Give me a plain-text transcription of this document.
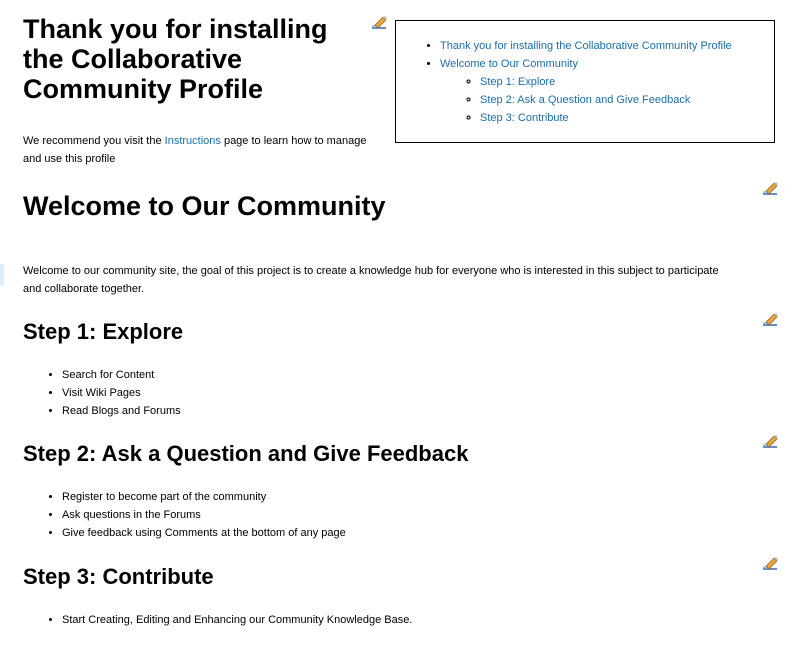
Thank you for installing the Collaborative Community Profile

We recommend you visit the Instructions page to learn how to manage and use this profile

• Thank you for installing the Collaborative Community Profile
• Welcome to Our Community
◦ Step 1: Explore
◦ Step 2: Ask a Question and Give Feedback
◦ Step 3: Contribute
Welcome to Our Community

Welcome to our community site, the goal of this project is to create a knowledge hub for everyone who is interested in this subject to participate and collaborate together.

Step 1: Explore
• Search for Content
• Visit Wiki Pages
• Read Blogs and Forums
Step 2: Ask a Question and Give Feedback
• Register to become part of the community
• Ask questions in the Forums
• Give feedback using Comments at the bottom of any page
Step 3: Contribute
• Start Creating, Editing and Enhancing our Community Knowledge Base.
